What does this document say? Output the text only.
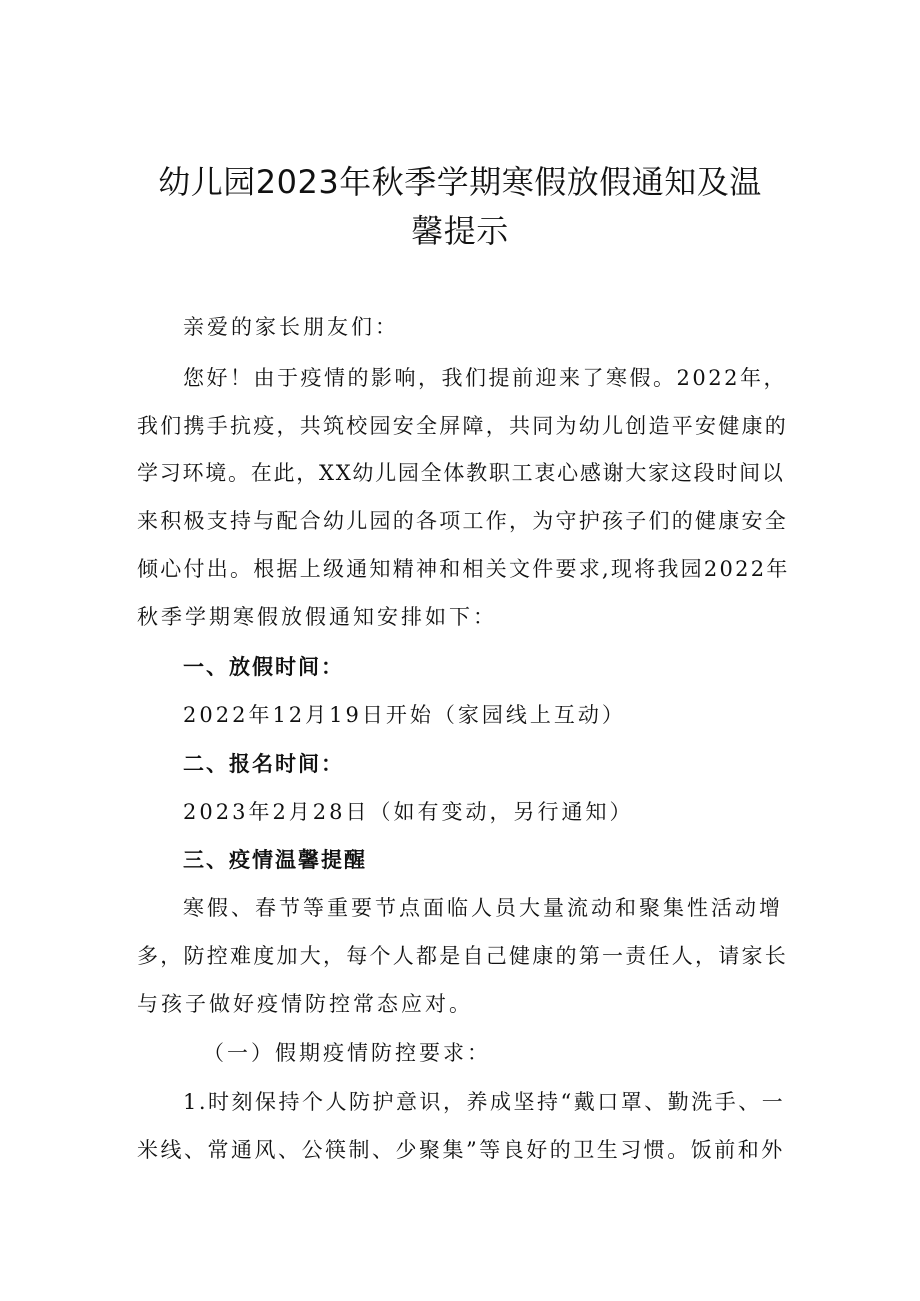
幼儿园2023年秋季学期寒假放假通知及温
馨提示
亲爱的家长朋友们：
您好！由于疫情的影响，我们提前迎来了寒假。2022年，
我们携手抗疫，共筑校园安全屏障，共同为幼儿创造平安健康的
学习环境。在此，XX幼儿园全体教职工衷心感谢大家这段时间以
来积极支持与配合幼儿园的各项工作，为守护孩子们的健康安全
倾心付出。根据上级通知精神和相关文件要求,现将我园2022年
秋季学期寒假放假通知安排如下：
一、放假时间：
2022年12月19日开始（家园线上互动）
二、报名时间：
2023年2月28日（如有变动，另行通知）
三、疫情温馨提醒
寒假、春节等重要节点面临人员大量流动和聚集性活动增
多，防控难度加大，每个人都是自己健康的第一责任人，请家长
与孩子做好疫情防控常态应对。
（一）假期疫情防控要求：
1.时刻保持个人防护意识，养成坚持“戴口罩、勤洗手、一
米线、常通风、公筷制、少聚集”等良好的卫生习惯。饭前和外
